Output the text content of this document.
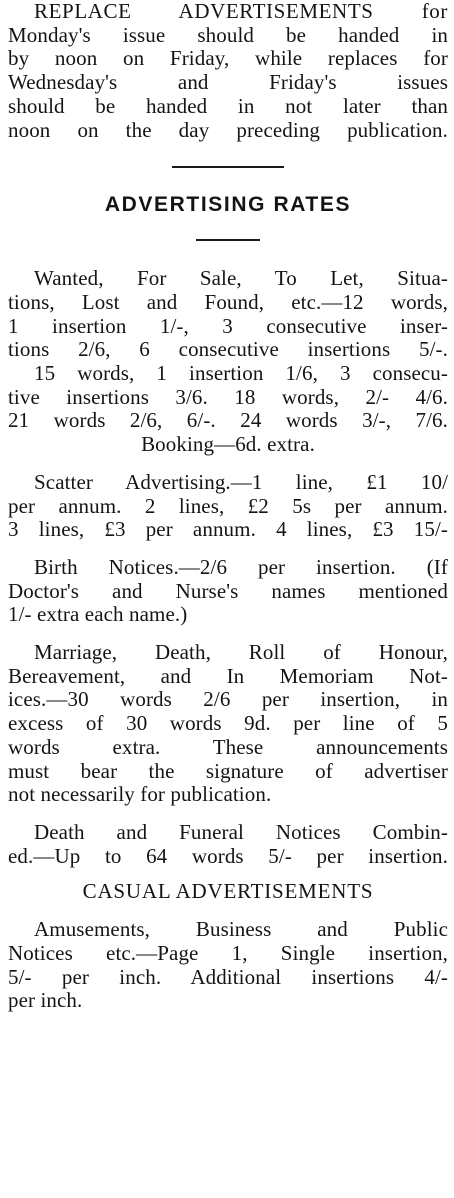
REPLACE ADVERTISEMENTS for
Monday's issue should be handed in
by noon on Friday, while replaces for
Wednesday's and Friday's issues
should be handed in not later than
noon on the day preceding publication.
ADVERTISING RATES
Wanted, For Sale, To Let, Situa-
tions, Lost and Found, etc.—12 words,
1 insertion 1/-, 3 consecutive inser-
tions 2/6, 6 consecutive insertions 5/-.
15 words, 1 insertion 1/6, 3 consecu-
tive insertions 3/6. 18 words, 2/- 4/6.
21 words 2/6, 6/-. 24 words 3/-, 7/6.
Booking—6d. extra.
Scatter Advertising.—1 line, £1 10/
per annum. 2 lines, £2 5s per annum.
3 lines, £3 per annum. 4 lines, £3 15/-
Birth Notices.—2/6 per insertion. (If
Doctor's and Nurse's names mentioned
1/- extra each name.)
Marriage, Death, Roll of Honour,
Bereavement, and In Memoriam Not-
ices.—30 words 2/6 per insertion, in
excess of 30 words 9d. per line of 5
words extra. These announcements
must bear the signature of advertiser
not necessarily for publication.
Death and Funeral Notices Combin-
ed.—Up to 64 words 5/- per insertion.
CASUAL ADVERTISEMENTS
Amusements, Business and Public
Notices etc.—Page 1, Single insertion,
5/- per inch. Additional insertions 4/-
per inch.
